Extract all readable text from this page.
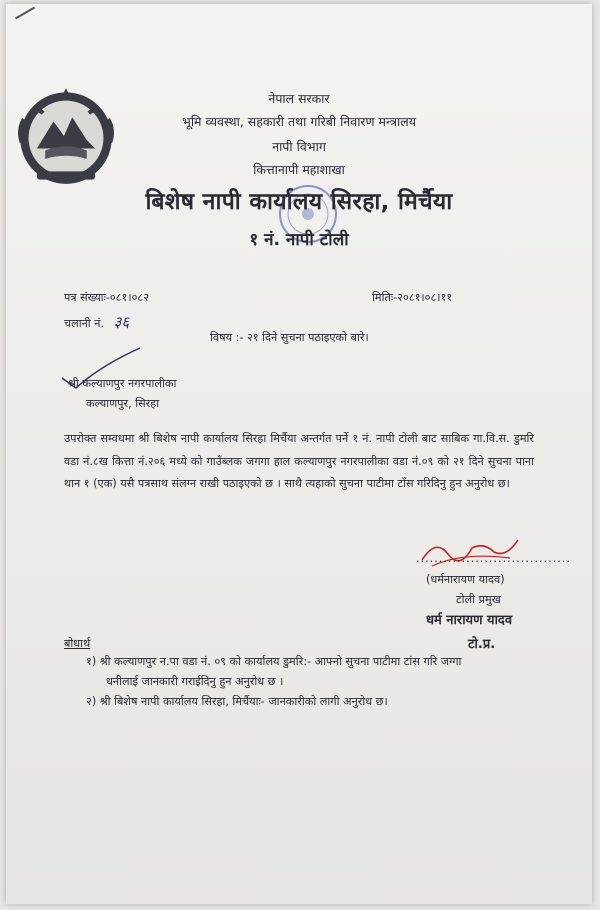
नेपाल सरकार
भूमि व्यवस्था, सहकारी तथा गरिबी निवारण मन्त्रालय
नापी विभाग
कित्तानापी महाशाखा
बिशेष नापी कार्यालय सिरहा, मिर्चैया
१ नं. नापी टोली
पत्र संख्याः-०८१।०८२	मितिः-२०८१।०८।११
चलानी नं. ३६
विषय :- २१ दिने सुचना पठाइएको बारे।
श्री कल्याणपुर नगरपालीका
कल्याणपुर, सिरहा
उपरोक्त सम्वधमा श्री बिशेष नापी कार्यालय सिरहा मिर्चैया अन्तर्गत पर्ने १ नं. नापी टोली बाट साबिक गा.वि.स. डुमरि वडा नं.८ख कित्ता नं.२०६ मध्ये को गाउँब्लक जगगा हाल कल्याणपुर नगरपालीका वडा नं.०९ को २१ दिने सुचना पाना थान १ (एक) यसै पत्रसाथ संलग्न राखी पठाइएको छ । साथै त्यहाको सुचना पाटीमा टाँस गरिदिनु हुन अनुरोध छ।
..................................
(धर्मनारायण यादव)
टोली प्रमुख
धर्म नारायण यादव
टो.प्र.
बोधार्थ
१) श्री कल्याणपुर न.पा वडा नं. ०९ को कार्यालय डुमरि:- आफ्नो सुचना पाटीमा टांस गरि जग्गा
धनीलाई जानकारी गराईदिनु हुन अनुरोध छ ।
२) श्री बिशेष नापी कार्यालय सिरहा, मिर्चैयाः- जानकारीको लागी अनुरोध छ।
